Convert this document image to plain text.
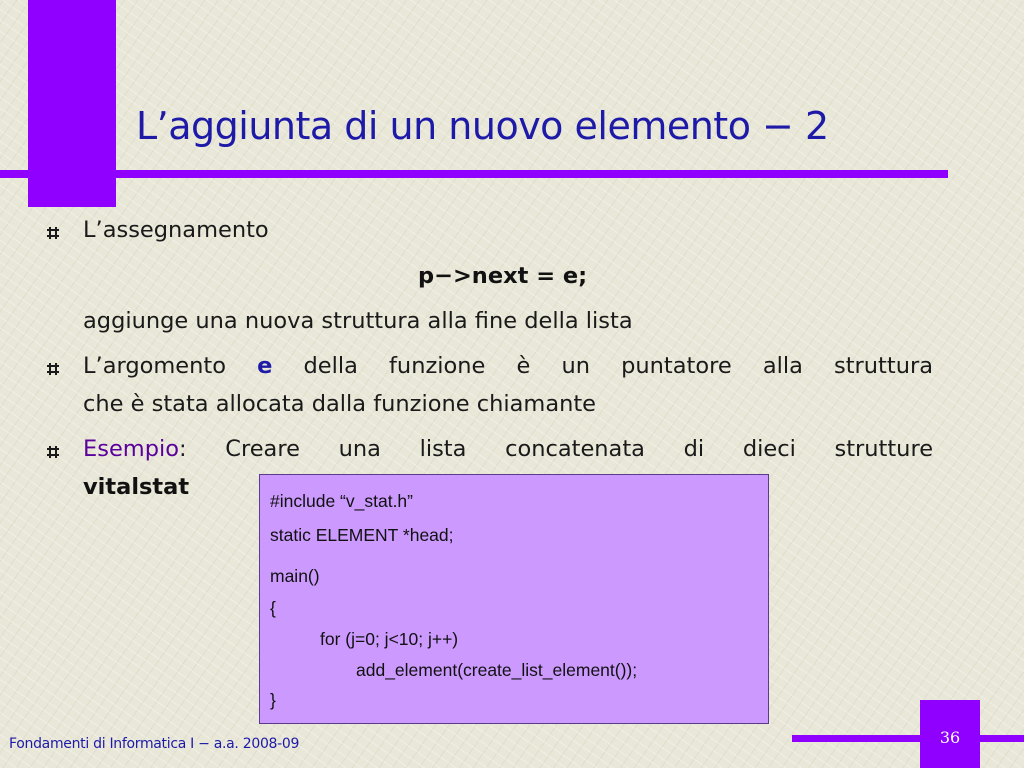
L’aggiunta di un nuovo elemento − 2
L’assegnamento
p−>next = e;
aggiunge una nuova struttura alla fine della lista
L’argomento e della funzione è un puntatore alla struttura
che è stata allocata dalla funzione chiamante
Esempio: Creare una lista concatenata di dieci strutture
vitalstat
#include “v_stat.h”
static ELEMENT *head;
main()
{
for (j=0; j<10; j++)
add_element(create_list_element());
}
36
Fondamenti di Informatica I − a.a. 2008-09
